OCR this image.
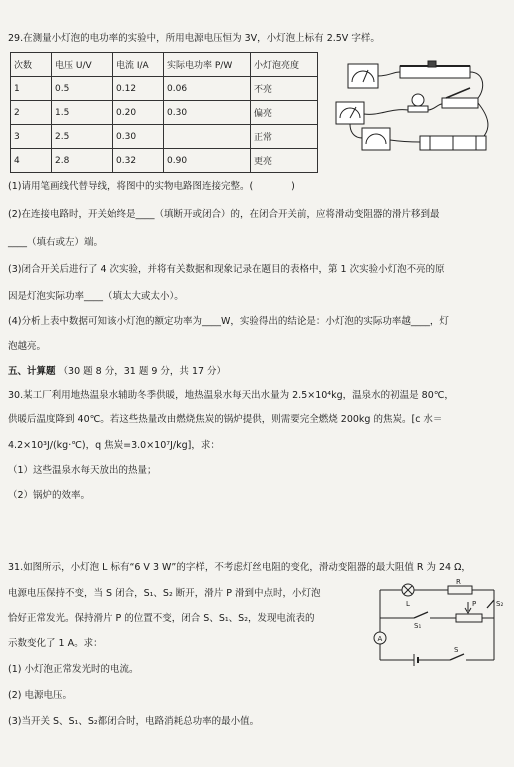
29.在测量小灯泡的电功率的实验中，所用电源电压恒为 3V，小灯泡上标有 2.5V 字样。
次数	电压 U/V	电流 I/A	实际电功率 P/W	小灯泡亮度
1	0.5	0.12	0.06	不亮
2	1.5	0.20	0.30	偏亮
3	2.5	0.30		正常
4	2.8	0.32	0.90	更亮
(1)请用笔画线代替导线，将图中的实物电路图连接完整。(　　　　)
(2)在连接电路时，开关始终是____（填断开或闭合）的，在闭合开关前，应将滑动变阻器的滑片移到最
____（填右或左）端。
(3)闭合开关后进行了 4 次实验，并将有关数据和现象记录在题目的表格中，第 1 次实验小灯泡不亮的原
因是灯泡实际功率____（填太大或太小）。
(4)分析上表中数据可知该小灯泡的额定功率为____W，实验得出的结论是：小灯泡的实际功率越____，灯
泡越亮。
五、计算题 （30 题 8 分，31 题 9 分，共 17 分）
30.某工厂利用地热温泉水辅助冬季供暖，地热温泉水每天出水量为 2.5×10⁴kg，温泉水的初温是 80℃，
供暖后温度降到 40℃。若这些热量改由燃烧焦炭的锅炉提供，则需要完全燃烧 200kg 的焦炭。[c 水＝
4.2×10³J/(kg·℃)，q 焦炭=3.0×10⁷J/kg]，求：
（1）这些温泉水每天放出的热量；
（2）锅炉的效率。
31.如图所示，小灯泡 L 标有“6 V 3 W”的字样，不考虑灯丝电阻的变化，滑动变阻器的最大阻值 R 为 24 Ω，
电源电压保持不变，当 S 闭合，S₁、S₂ 断开，滑片 P 滑到中点时，小灯泡
恰好正常发光。保持滑片 P 的位置不变，闭合 S、S₁、S₂，发现电流表的
示数变化了 1 A。求：
(1) 小灯泡正常发光时的电流。
(2) 电源电压。
(3)当开关 S、S₁、S₂都闭合时，电路消耗总功率的最小值。
L
R
P
S₁
S₂
S
A
